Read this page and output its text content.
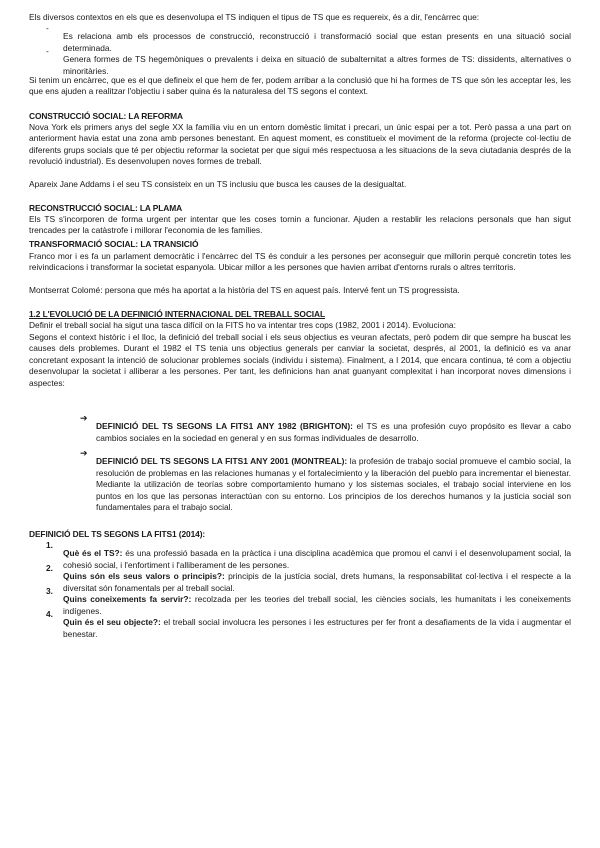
Els diversos contextos en els que es desenvolupa el TS indiquen el tipus de TS que es requereix, és a dir, l'encàrrec que:

-

Es relaciona amb els processos de construcció, reconstrucció i transformació social que estan presents en una situació social determinada.

-

Genera formes de TS hegemòniques o prevalents i deixa en situació de subalternitat a altres formes de TS: dissidents, alternatives o minoritàries.

Si tenim un encàrrec, que es el que defineix el que hem de fer, podem arribar a la conclusió que hi ha formes de TS que són les acceptar les, les que ens ajuden a realitzar l'objectiu i saber quina és la naturalesa del TS segons el context.

CONSTRUCCIÓ SOCIAL: LA REFORMA

Nova York els primers anys del segle XX la família viu en un entorn domèstic limitat i precari, un únic espai per a tot. Però passa a una part on anteriorment havia estat una zona amb persones benestant. En aquest moment, es constitueix el moviment de la reforma (projecte col·lectiu de diferents grups socials que té per objectiu reformar la societat per que sigui més respectuosa a les situacions de la seva ciutadania després de la revolució industrial). Es desenvolupen noves formes de treball.

Apareix Jane Addams i el seu TS consisteix en un TS inclusiu que busca les causes de la desigualtat.

RECONSTRUCCIÓ SOCIAL: LA PLAMA

Els TS s'incorporen de forma urgent per intentar que les coses tornin a funcionar. Ajuden a restablir les relacions personals que han sigut trencades per la catàstrofe i millorar l'economia de les famílies.

TRANSFORMACIÓ SOCIAL: LA TRANSICIÓ

Franco mor i es fa un parlament democràtic i l'encàrrec del TS és conduir a les persones per aconseguir que millorin perquè concretin totes les reivindicacions i transformar la societat espanyola. Ubicar millor a les persones que havien arribat d'entorns rurals o altres territoris.

Montserrat Colomé: persona que més ha aportat a la història del TS en aquest país. Intervé fent un TS progressista.

1.2 L'EVOLUCIÓ DE LA DEFINICIÓ INTERNACIONAL DEL TREBALL SOCIAL

Definir el treball social ha sigut una tasca difícil on la FITS ho va intentar tres cops (1982, 2001 i 2014). Evoluciona:

Segons el context històric i el lloc, la definició del treball social i els seus objectius es veuran afectats, però podem dir que sempre ha buscat les causes dels problemes. Durant el 1982 el TS tenia uns objectius generals per canviar la societat, després, al 2001, la definició es va anar concretant exposant la intenció de solucionar problemes socials (individu i sistema). Finalment, a l 2014, que encara continua, té com a objectiu desenvolupar la societat i alliberar a les persones. Per tant, les definicions han anat guanyant complexitat i han incorporat noves dimensions i aspectes:

➔

DEFINICIÓ DEL TS SEGONS LA FITS1 ANY 1982 (BRIGHTON): el TS es una profesión cuyo propósito es llevar a cabo cambios sociales en la sociedad en general y en sus formas individuales de desarrollo.

➔

DEFINICIÓ DEL TS SEGONS LA FITS1 ANY 2001 (MONTREAL): la profesión de trabajo social promueve el cambio social, la resolución de problemas en las relaciones humanas y el fortalecimiento y la liberación del pueblo para incrementar el bienestar. Mediante la utilización de teorías sobre comportamiento humano y los sistemas sociales, el trabajo social interviene en los puntos en los que las personas interactúan con su entorno. Los principios de los derechos humanos y la justicia social son fundamentales para el trabajo social.

DEFINICIÓ DEL TS SEGONS LA FITS1 (2014):

1.

Què és el TS?: és una professió basada en la pràctica i una disciplina acadèmica que promou el canvi i el desenvolupament social, la cohesió social, i l'enfortiment i l'alliberament de les persones.

2.

Quins són els seus valors o principis?: principis de la justícia social, drets humans, la responsabilitat col·lectiva i el respecte a la diversitat són fonamentals per al treball social.

3.

Quins coneixements fa servir?: recolzada per les teories del treball social, les ciències socials, les humanitats i les coneixements indígenes.

4.

Quin és el seu objecte?: el treball social involucra les persones i les estructures per fer front a desafiaments de la vida i augmentar el benestar.
